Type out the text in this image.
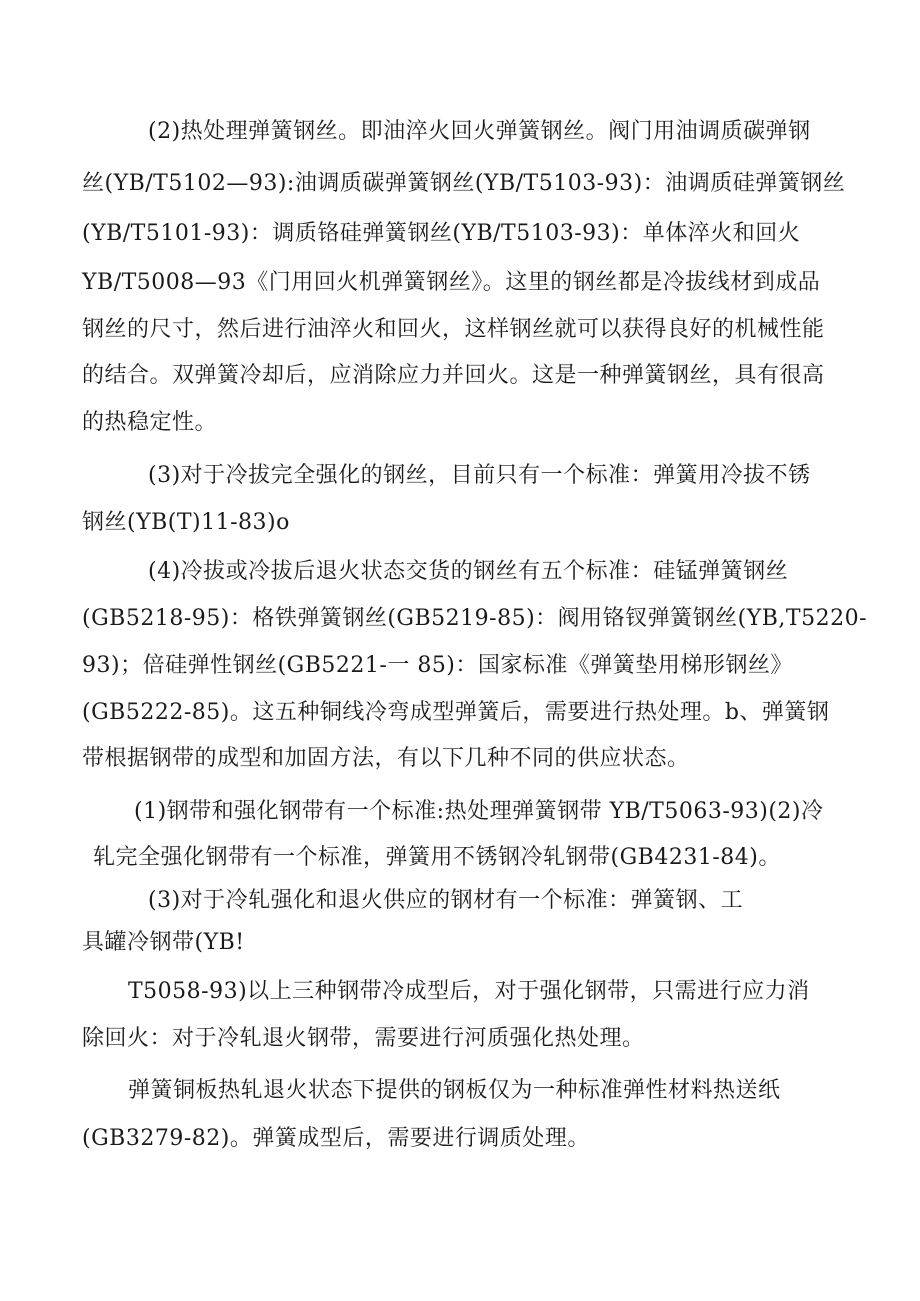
(2)热处理弹簧钢丝。即油淬火回火弹簧钢丝。阀门用油调质碳弹钢
丝(YB/T5102—93):油调质碳弹簧钢丝(YB/T5103-93)：油调质硅弹簧钢丝
(YB/T5101-93)：调质铬硅弹簧钢丝(YB/T5103-93)：单体淬火和回火
YB/T5008—93《门用回火机弹簧钢丝》。这里的钢丝都是冷拔线材到成品
钢丝的尺寸，然后进行油淬火和回火，这样钢丝就可以获得良好的机械性能
的结合。双弹簧冷却后，应消除应力并回火。这是一种弹簧钢丝，具有很高
的热稳定性。
(3)对于冷拔完全强化的钢丝，目前只有一个标准：弹簧用冷拔不锈
钢丝(YB(T)11-83)o
(4)冷拔或冷拔后退火状态交货的钢丝有五个标准：硅锰弹簧钢丝
(GB5218-95)：格铁弹簧钢丝(GB5219-85)：阀用铬钗弹簧钢丝(YB,T5220-
93)；倍硅弹性钢丝(GB5221-一 85)：国家标准《弹簧垫用梯形钢丝》
(GB5222-85)。这五种铜线冷弯成型弹簧后，需要进行热处理。b、弹簧钢
带根据钢带的成型和加固方法，有以下几种不同的供应状态。
(1)钢带和强化钢带有一个标准:热处理弹簧钢带 YB/T5063-93)(2)冷
轧完全强化钢带有一个标准，弹簧用不锈钢冷轧钢带(GB4231-84)。
(3)对于冷轧强化和退火供应的钢材有一个标准：弹簧钢、工
具罐冷钢带(YB!
T5058-93)以上三种钢带冷成型后，对于强化钢带，只需进行应力消
除回火：对于冷轧退火钢带，需要进行河质强化热处理。
弹簧铜板热轧退火状态下提供的钢板仅为一种标准弹性材料热送纸
(GB3279-82)。弹簧成型后，需要进行调质处理。
